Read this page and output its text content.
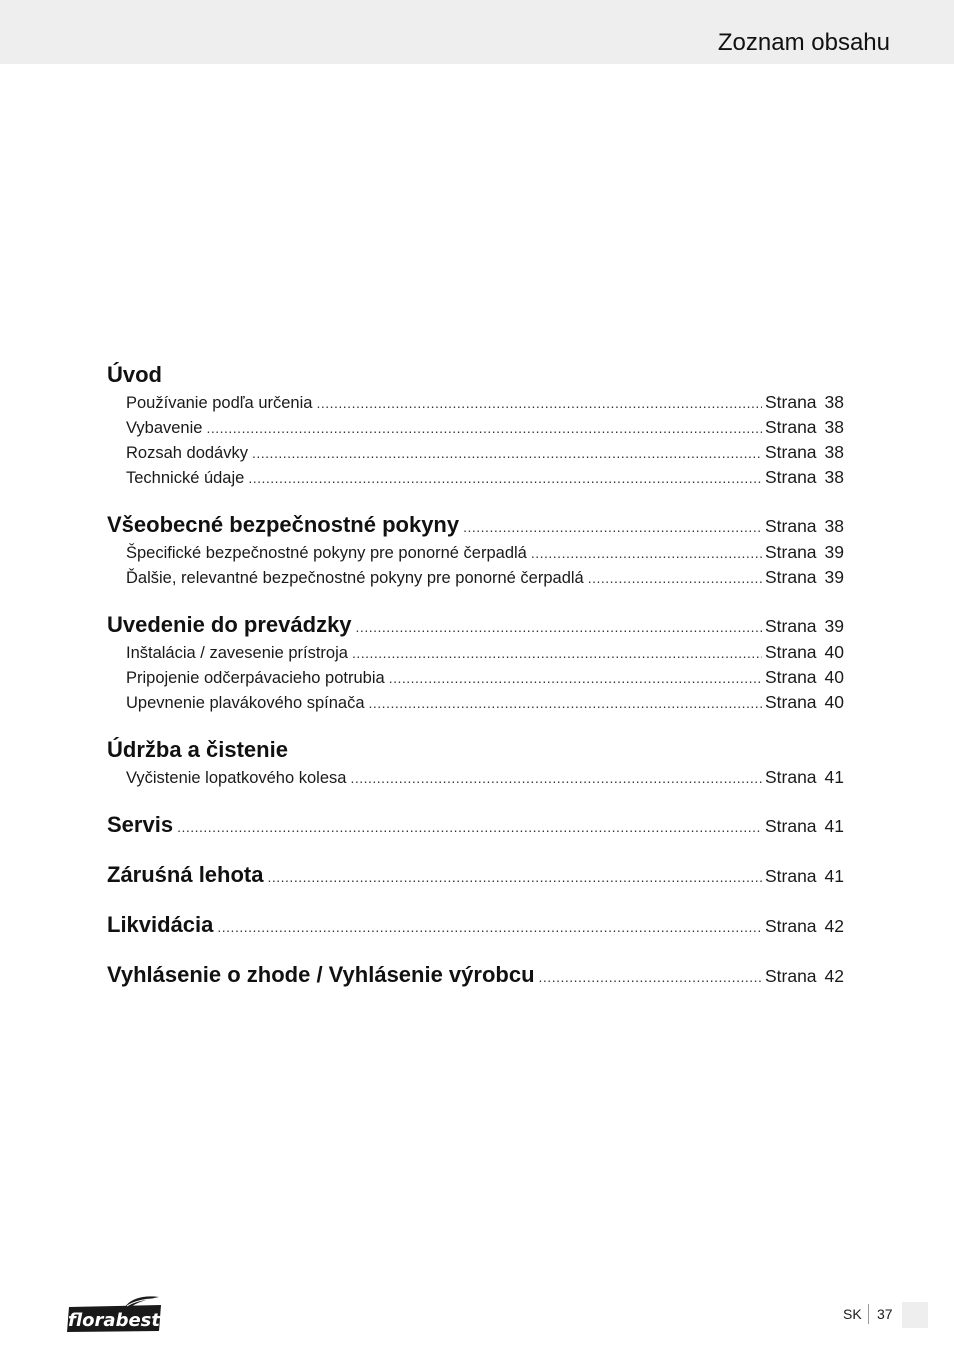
Zoznam obsahu
Úvod
Používanie podľa určenia .....	Strana 38
Vybavenie .....	Strana 38
Rozsah dodávky .....	Strana 38
Technické údaje .....	Strana 38
Všeobecné bezpečnostné pokyny .....	Strana 38
Špecifické bezpečnostné pokyny pre ponorné čerpadlá .....	Strana 39
Ďalšie, relevantné bezpečnostné pokyny pre ponorné čerpadlá .....	Strana 39
Uvedenie do prevádzky .....	Strana 39
Inštalácia / zavesenie prístroja .....	Strana 40
Pripojenie odčerpávacieho potrubia .....	Strana 40
Upevnenie plavákového spínača .....	Strana 40
Údržba a čistenie
Vyčistenie lopatkového kolesa .....	Strana 41
Servis .....	Strana 41
Záruśná lehota .....	Strana 41
Likvidácia .....	Strana 42
Vyhlásenie o zhode / Vyhlásenie výrobcu .....	Strana 42
florabest	SK 37
